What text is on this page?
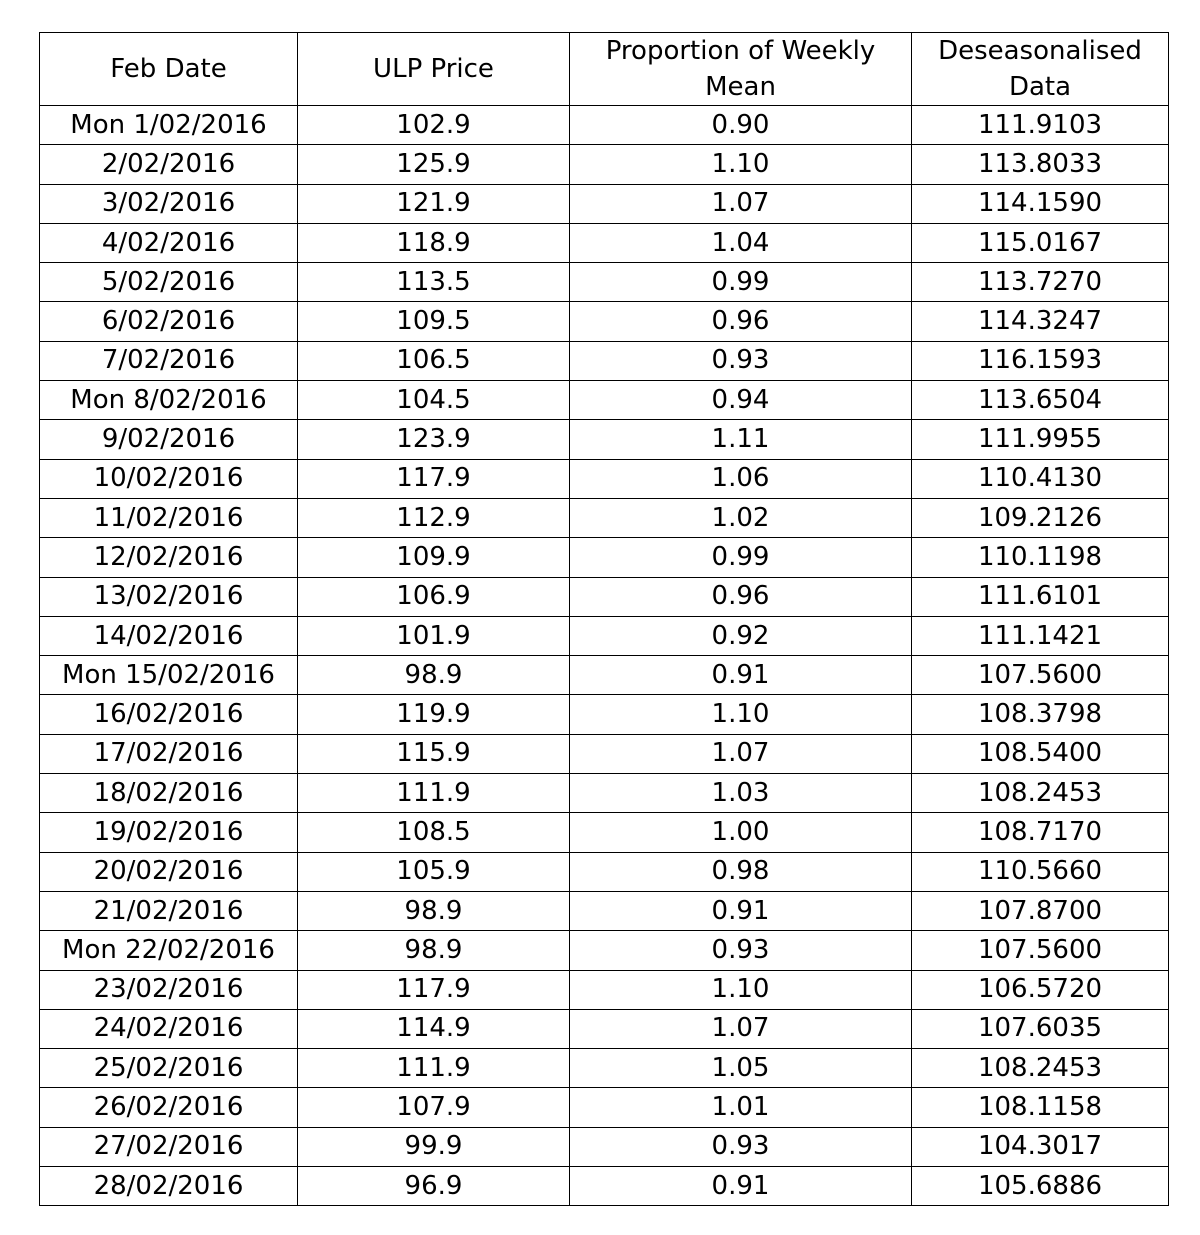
Feb Date	ULP Price	Proportion of Weekly Mean	Deseasonalised Data
Mon 1/02/2016	102.9	0.90	111.9103
2/02/2016	125.9	1.10	113.8033
3/02/2016	121.9	1.07	114.1590
4/02/2016	118.9	1.04	115.0167
5/02/2016	113.5	0.99	113.7270
6/02/2016	109.5	0.96	114.3247
7/02/2016	106.5	0.93	116.1593
Mon 8/02/2016	104.5	0.94	113.6504
9/02/2016	123.9	1.11	111.9955
10/02/2016	117.9	1.06	110.4130
11/02/2016	112.9	1.02	109.2126
12/02/2016	109.9	0.99	110.1198
13/02/2016	106.9	0.96	111.6101
14/02/2016	101.9	0.92	111.1421
Mon 15/02/2016	98.9	0.91	107.5600
16/02/2016	119.9	1.10	108.3798
17/02/2016	115.9	1.07	108.5400
18/02/2016	111.9	1.03	108.2453
19/02/2016	108.5	1.00	108.7170
20/02/2016	105.9	0.98	110.5660
21/02/2016	98.9	0.91	107.8700
Mon 22/02/2016	98.9	0.93	107.5600
23/02/2016	117.9	1.10	106.5720
24/02/2016	114.9	1.07	107.6035
25/02/2016	111.9	1.05	108.2453
26/02/2016	107.9	1.01	108.1158
27/02/2016	99.9	0.93	104.3017
28/02/2016	96.9	0.91	105.6886
